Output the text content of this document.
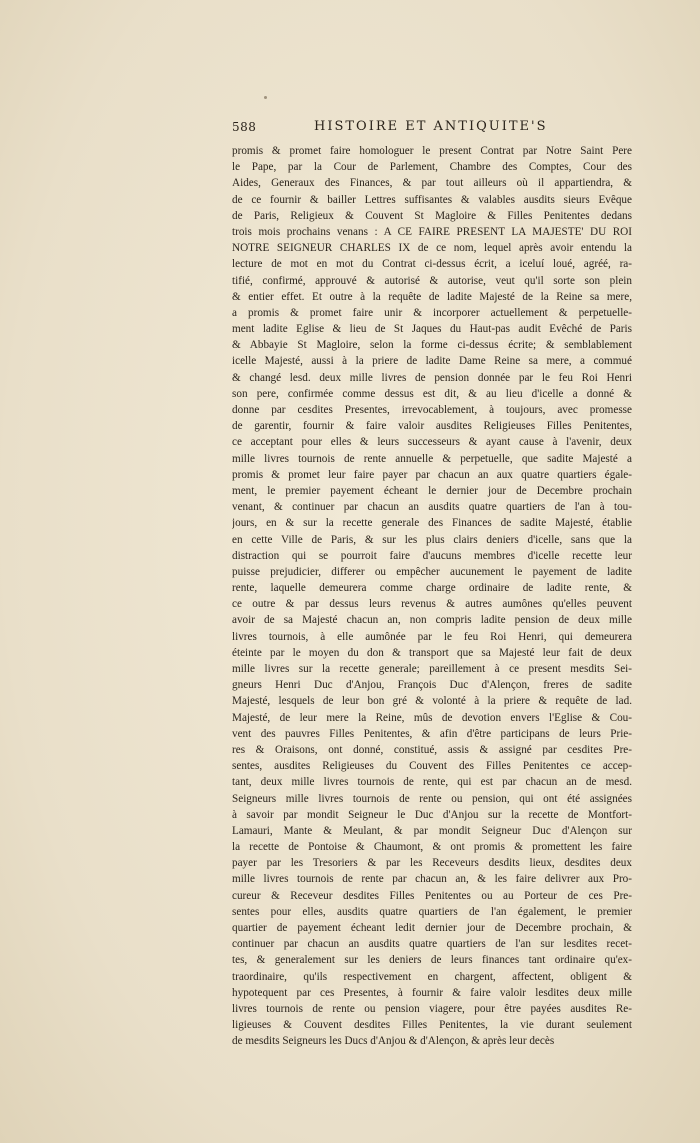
588	HISTOIRE ET ANTIQUITE'S
promis & promet faire homologuer le present Contrat par Notre Saint Pere
le Pape, par la Cour de Parlement, Chambre des Comptes, Cour des
Aides, Generaux des Finances, & par tout ailleurs où il appartiendra, &
de ce fournir & bailler Lettres suffisantes & valables ausdits sieurs Evêque
de Paris, Religieux & Couvent St Magloire & Filles Penitentes dedans
trois mois prochains venans : A CE FAIRE PRESENT LA MAJESTE' DU ROI
NOTRE SEIGNEUR CHARLES IX de ce nom, lequel après avoir entendu la
lecture de mot en mot du Contrat ci-dessus écrit, a iceluí loué, agréé, ra-
tifié, confirmé, approuvé & autorisé & autorise, veut qu'il sorte son plein
& entier effet. Et outre à la requête de ladite Majesté de la Reine sa mere,
a promis & promet faire unir & incorporer actuellement & perpetuelle-
ment ladite Eglise & lieu de St Jaques du Haut-pas audit Evêché de Paris
& Abbayie St Magloire, selon la forme ci-dessus écrite; & semblablement
icelle Majesté, aussi à la priere de ladite Dame Reine sa mere, a commué
& changé lesd. deux mille livres de pension donnée par le feu Roi Henri
son pere, confirmée comme dessus est dit, & au lieu d'icelle a donné &
donne par cesdites Presentes, irrevocablement, à toujours, avec promesse
de garentir, fournir & faire valoir ausdites Religieuses Filles Penitentes,
ce acceptant pour elles & leurs successeurs & ayant cause à l'avenir, deux
mille livres tournois de rente annuelle & perpetuelle, que sadite Majesté a
promis & promet leur faire payer par chacun an aux quatre quartiers égale-
ment, le premier payement écheant le dernier jour de Decembre prochain
venant, & continuer par chacun an ausdits quatre quartiers de l'an à tou-
jours, en & sur la recette generale des Finances de sadite Majesté, établie
en cette Ville de Paris, & sur les plus clairs deniers d'icelle, sans que la
distraction qui se pourroit faire d'aucuns membres d'icelle recette leur
puisse prejudicier, differer ou empêcher aucunement le payement de ladite
rente, laquelle demeurera comme charge ordinaire de ladite rente, &
ce outre & par dessus leurs revenus & autres aumônes qu'elles peuvent
avoir de sa Majesté chacun an, non compris ladite pension de deux mille
livres tournois, à elle aumônée par le feu Roi Henri, qui demeurera
éteinte par le moyen du don & transport que sa Majesté leur fait de deux
mille livres sur la recette generale; pareillement à ce present mesdits Sei-
gneurs Henri Duc d'Anjou, François Duc d'Alençon, freres de sadite
Majesté, lesquels de leur bon gré & volonté à la priere & requête de lad.
Majesté, de leur mere la Reine, mûs de devotion envers l'Eglise & Cou-
vent des pauvres Filles Penitentes, & afin d'être participans de leurs Prie-
res & Oraisons, ont donné, constitué, assis & assigné par cesdites Pre-
sentes, ausdites Religieuses du Couvent des Filles Penitentes ce accep-
tant, deux mille livres tournois de rente, qui est par chacun an de mesd.
Seigneurs mille livres tournois de rente ou pension, qui ont été assignées
à savoir par mondit Seigneur le Duc d'Anjou sur la recette de Montfort-
Lamauri, Mante & Meulant, & par mondit Seigneur Duc d'Alençon sur
la recette de Pontoise & Chaumont, & ont promis & promettent les faire
payer par les Tresoriers & par les Receveurs desdits lieux, desdites deux
mille livres tournois de rente par chacun an, & les faire delivrer aux Pro-
cureur & Receveur desdites Filles Penitentes ou au Porteur de ces Pre-
sentes pour elles, ausdits quatre quartiers de l'an également, le premier
quartier de payement écheant ledit dernier jour de Decembre prochain, &
continuer par chacun an ausdits quatre quartiers de l'an sur lesdites recet-
tes, & generalement sur les deniers de leurs finances tant ordinaire qu'ex-
traordinaire, qu'ils respectivement en chargent, affectent, obligent &
hypotequent par ces Presentes, à fournir & faire valoir lesdites deux mille
livres tournois de rente ou pension viagere, pour être payées ausdites Re-
ligieuses & Couvent desdites Filles Penitentes, la vie durant seulement
de mesdits Seigneurs les Ducs d'Anjou & d'Alençon, & après leur decès
